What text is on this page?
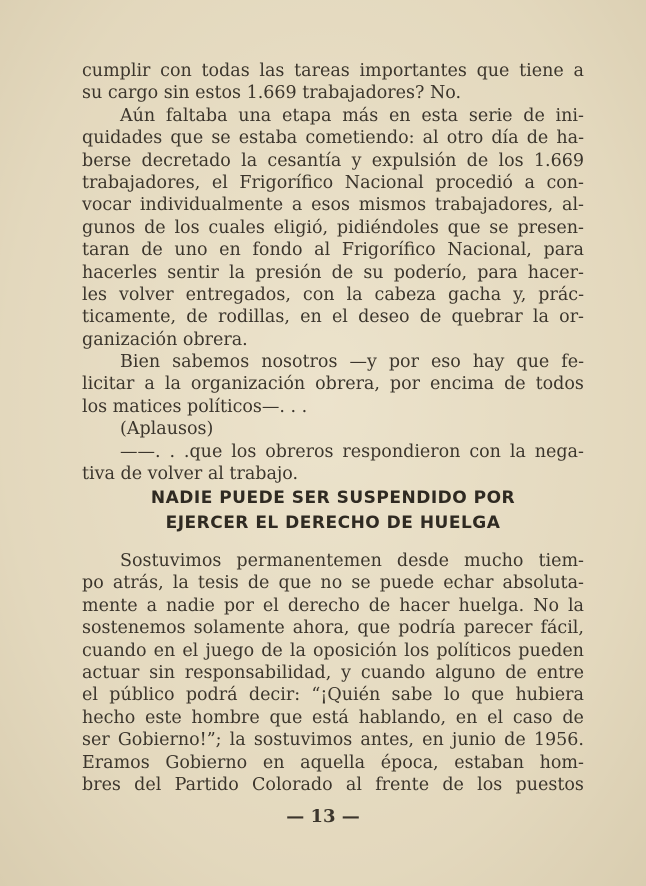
cumplir con todas las tareas importantes que tiene a
su cargo sin estos 1.669 trabajadores? No.
Aún faltaba una etapa más en esta serie de ini-
quidades que se estaba cometiendo: al otro día de ha-
berse decretado la cesantía y expulsión de los 1.669
trabajadores, el Frigorífico Nacional procedió a con-
vocar individualmente a esos mismos trabajadores, al-
gunos de los cuales eligió, pidiéndoles que se presen-
taran de uno en fondo al Frigorífico Nacional, para
hacerles sentir la presión de su poderío, para hacer-
les volver entregados, con la cabeza gacha y, prác-
ticamente, de rodillas, en el deseo de quebrar la or-
ganización obrera.
Bien sabemos nosotros —y por eso hay que fe-
licitar a la organización obrera, por encima de todos
los matices políticos—. . .
(Aplausos)
——. . .que los obreros respondieron con la nega-
tiva de volver al trabajo.
NADIE PUEDE SER SUSPENDIDO POR
EJERCER EL DERECHO DE HUELGA
Sostuvimos permanentemen desde mucho tiem-
po atrás, la tesis de que no se puede echar absoluta-
mente a nadie por el derecho de hacer huelga. No la
sostenemos solamente ahora, que podría parecer fácil,
cuando en el juego de la oposición los políticos pueden
actuar sin responsabilidad, y cuando alguno de entre
el público podrá decir: “¡Quién sabe lo que hubiera
hecho este hombre que está hablando, en el caso de
ser Gobierno!”; la sostuvimos antes, en junio de 1956.
Eramos Gobierno en aquella época, estaban hom-
bres del Partido Colorado al frente de los puestos
— 13 —
